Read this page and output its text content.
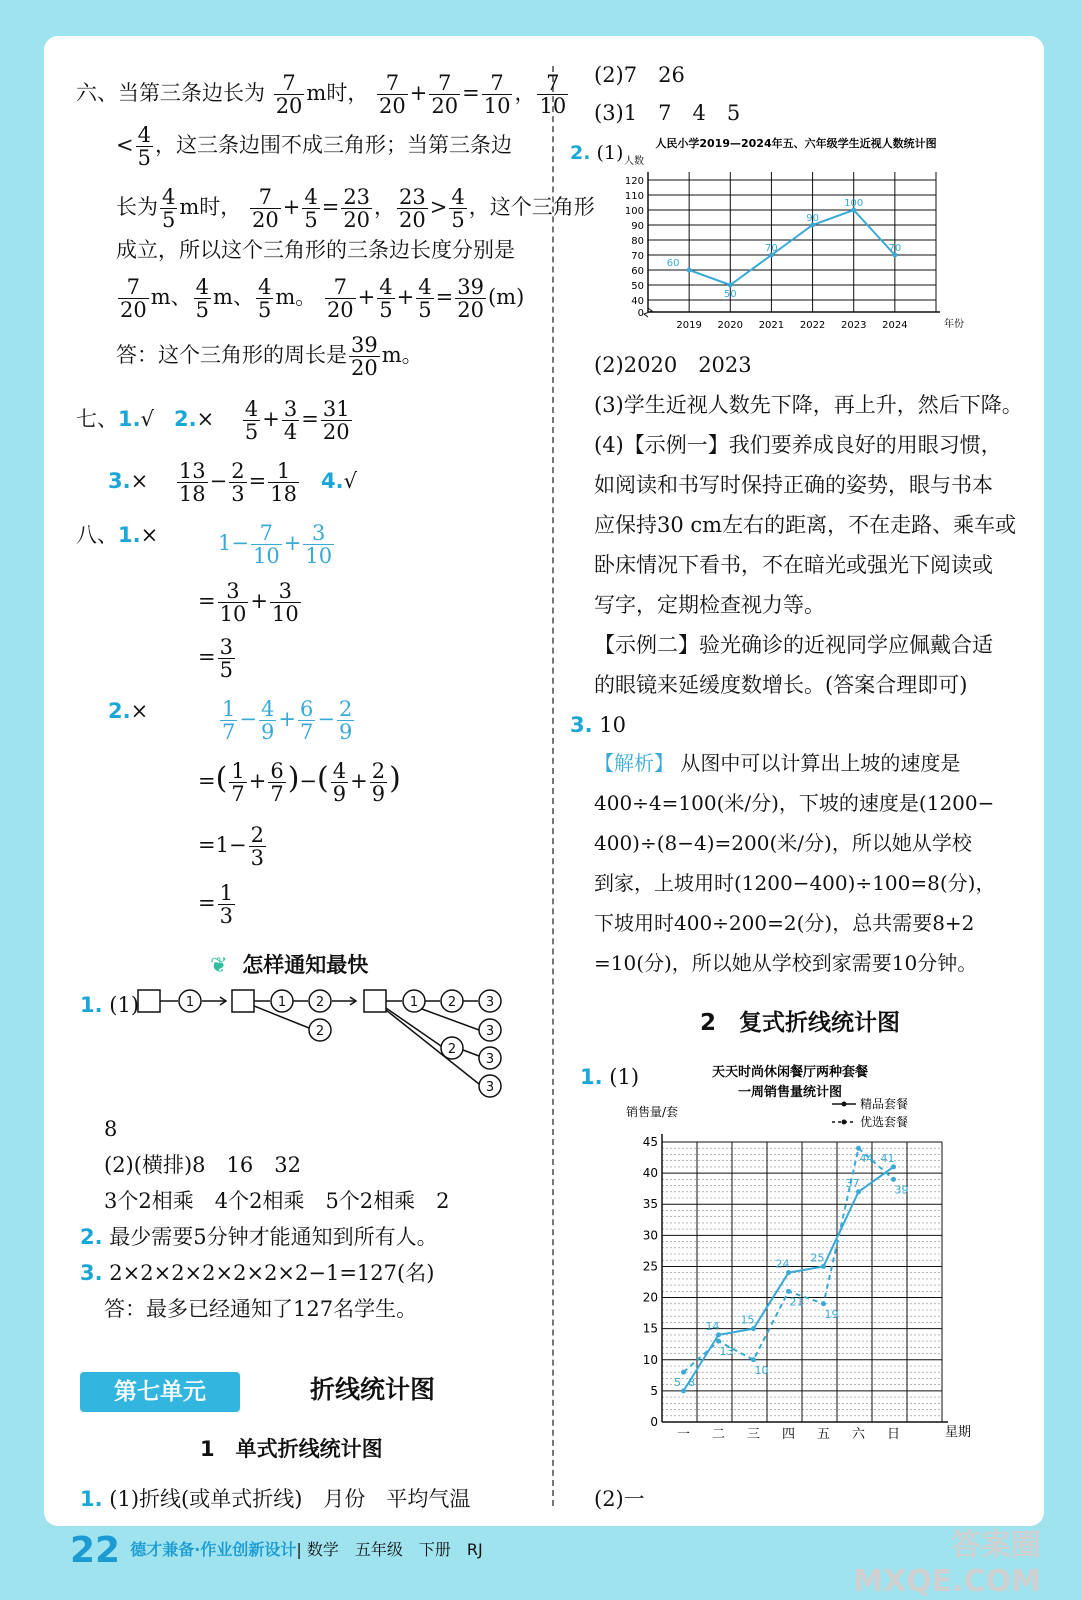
六、当第三条边长为 $\frac{7}{20}$ m时， $\frac{7}{20} + \frac{7}{20} = \frac{7}{10}$ ， $\frac{7}{10}$
< $\frac{4}{5}$ ，这三条边围不成三角形；当第三条边
长为 $\frac{4}{5}$ m时， $\frac{7}{20} + \frac{4}{5} = \frac{23}{20}$ ， $\frac{23}{20} > \frac{4}{5}$ ，这个三角形
成立，所以这个三角形的三条边长度分别是
$\frac{7}{20}$ m、 $\frac{4}{5}$ m、 $\frac{4}{5}$ m。 $\frac{7}{20} + \frac{4}{5} + \frac{4}{5} = \frac{39}{20} (m)$
答：这个三角形的周长是 $\frac{39}{20}$ m。
七、1.√ $2.\times \frac{4}{5} + \frac{3}{4} = \frac{31}{20}$
$3.\times \frac{13}{18} - \frac{2}{3} = \frac{1}{18} 4.√$
八、1.×	$1- \frac{7}{10} + \frac{3}{10}$
= $\frac{3}{10} + \frac{3}{10}$
= $\frac{3}{5}$
2.×	$\frac{1}{7} - \frac{4}{9} + \frac{6}{7} - \frac{2}{9}$
=( $\frac{1}{7} + \frac{6}{7}$ )−( $\frac{4}{9} + \frac{2}{9}$ )
$=1- \frac{2}{3}$
= $\frac{1}{3}$
❦ 怎样通知最快
1. (1)	1	1 2
2
1 2 3
3
2
3
3
8
(2)(横排)8　16　32
3个2相乘　4个2相乘　5个2相乘　2
2. 最少需要5分钟才能通知到所有人。
3. 2×2×2×2×2×2×2−1=127(名)
答：最多已经通知了127名学生。
第七单元	折线统计图
1　单式折线统计图
1. (1)折线(或单式折线)　月份　平均气温
(2)7　26
(3)1　7　4　5
2. (1)	人民小学2019—2024年五、六年级学生近视人数统计图
人数
40
50
60
70
80
90
100
110
120
0
2019 2020 2021 2022 2023 2024	年份
60
50
70
90
100
70
(2)2020　2023
(3)学生近视人数先下降，再上升，然后下降。
(4)【示例一】我们要养成良好的用眼习惯，
如阅读和书写时保持正确的姿势，眼与书本
应保持30 cm左右的距离，不在走路、乘车或
卧床情况下看书，不在暗光或强光下阅读或
写字，定期检查视力等。
【示例二】验光确诊的近视同学应佩戴合适
的眼镜来延缓度数增长。(答案合理即可)
3. 10
【解析】 从图中可以计算出上坡的速度是
400÷4=100(米/分)，下坡的速度是(1200−
400)÷(8−4)=200(米/分)，所以她从学校
到家，上坡用时(1200−400)÷100=8(分)，
下坡用时400÷200=2(分)，总共需要8+2
=10(分)，所以她从学校到家需要10分钟。
2　复式折线统计图
1. (1)	天天时尚休闲餐厅两种套餐
一周销售量统计图
销售量/套
0
5
10
15
20
25
30
35
40
45
一 二 三 四 五 六 日	星期
精品套餐
优选套餐
5
14 15
24 25
37
41
8
13
10
21
19
44
39
(2)一
22 德才兼备·作业创新设计| 数学　五年级　下册　RJ	答案圈
MXQE.COM
